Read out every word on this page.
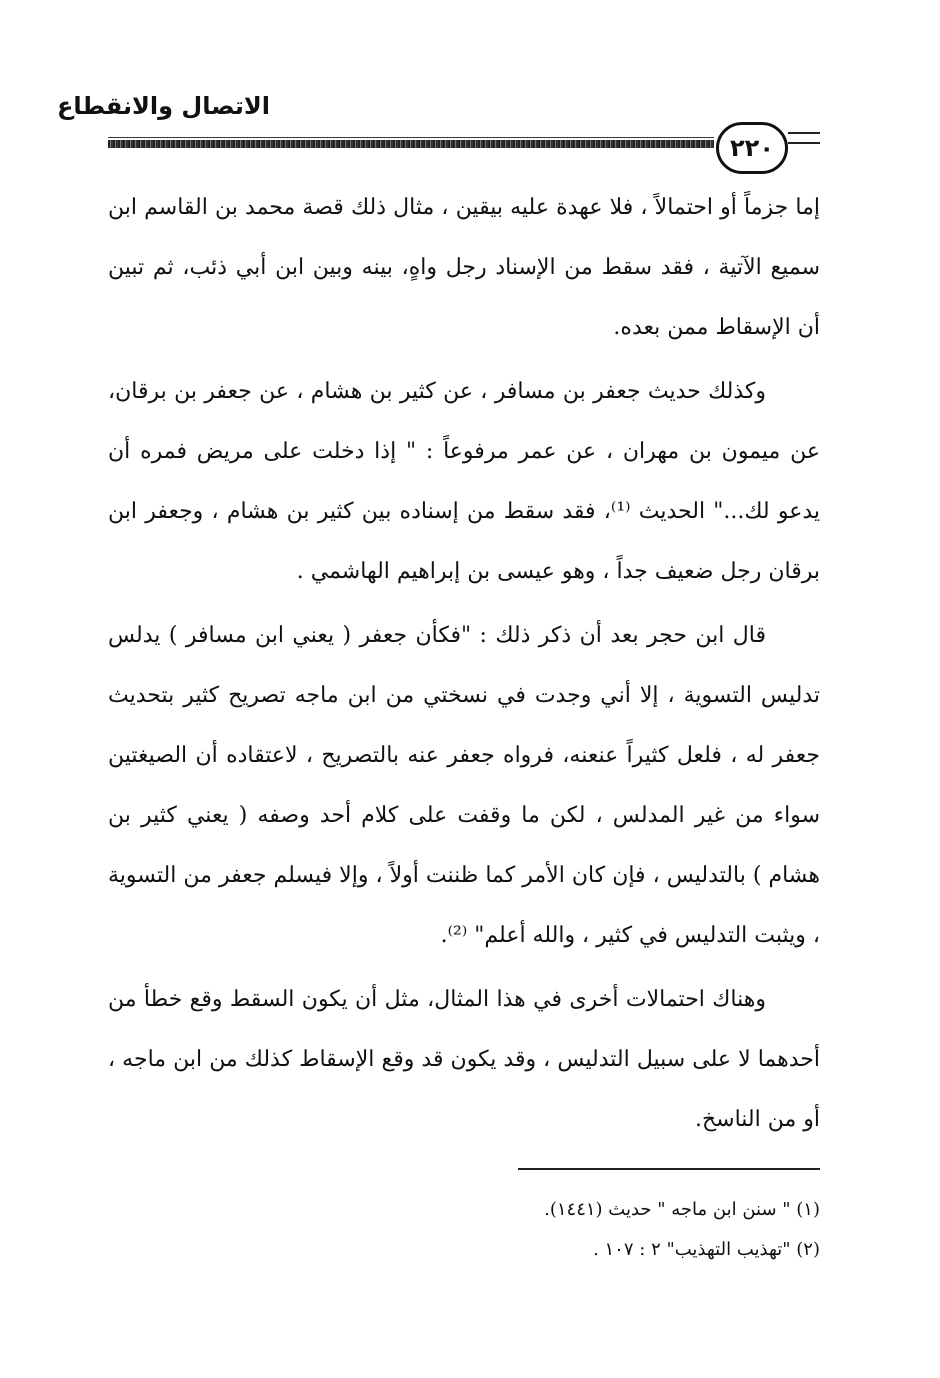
الاتصال والانقطاع
٢٢٠

إما جزماً أو احتمالاً ، فلا عهدة عليه بيقين ، مثال ذلك قصة محمد بن القاسم ابن سميع الآتية ، فقد سقط من الإسناد رجل واهٍ، بينه وبين ابن أبي ذئب، ثم تبين أن الإسقاط ممن بعده.

وكذلك حديث جعفر بن مسافر ، عن كثير بن هشام ، عن جعفر بن برقان، عن ميمون بن مهران ، عن عمر مرفوعاً : " إذا دخلت على مريض فمره أن يدعو لك..." الحديث ⁽¹⁾، فقد سقط من إسناده بين كثير بن هشام ، وجعفر ابن برقان رجل ضعيف جداً ، وهو عيسى بن إبراهيم الهاشمي .

قال ابن حجر بعد أن ذكر ذلك : "فكأن جعفر ( يعني ابن مسافر ) يدلس تدليس التسوية ، إلا أني وجدت في نسختي من ابن ماجه تصريح كثير بتحديث جعفر له ، فلعل كثيراً عنعنه، فرواه جعفر عنه بالتصريح ، لاعتقاده أن الصيغتين سواء من غير المدلس ، لكن ما وقفت على كلام أحد وصفه ( يعني كثير بن هشام ) بالتدليس ، فإن كان الأمر كما ظننت أولاً ، وإلا فيسلم جعفر من التسوية ، ويثبت التدليس في كثير ، والله أعلم" ⁽²⁾.

وهناك احتمالات أخرى في هذا المثال، مثل أن يكون السقط وقع خطأ من أحدهما لا على سبيل التدليس ، وقد يكون قد وقع الإسقاط كذلك من ابن ماجه ، أو من الناسخ.

(١) " سنن ابن ماجه " حديث (١٤٤١).
(٢) "تهذيب التهذيب" ٢ : ١٠٧ .
